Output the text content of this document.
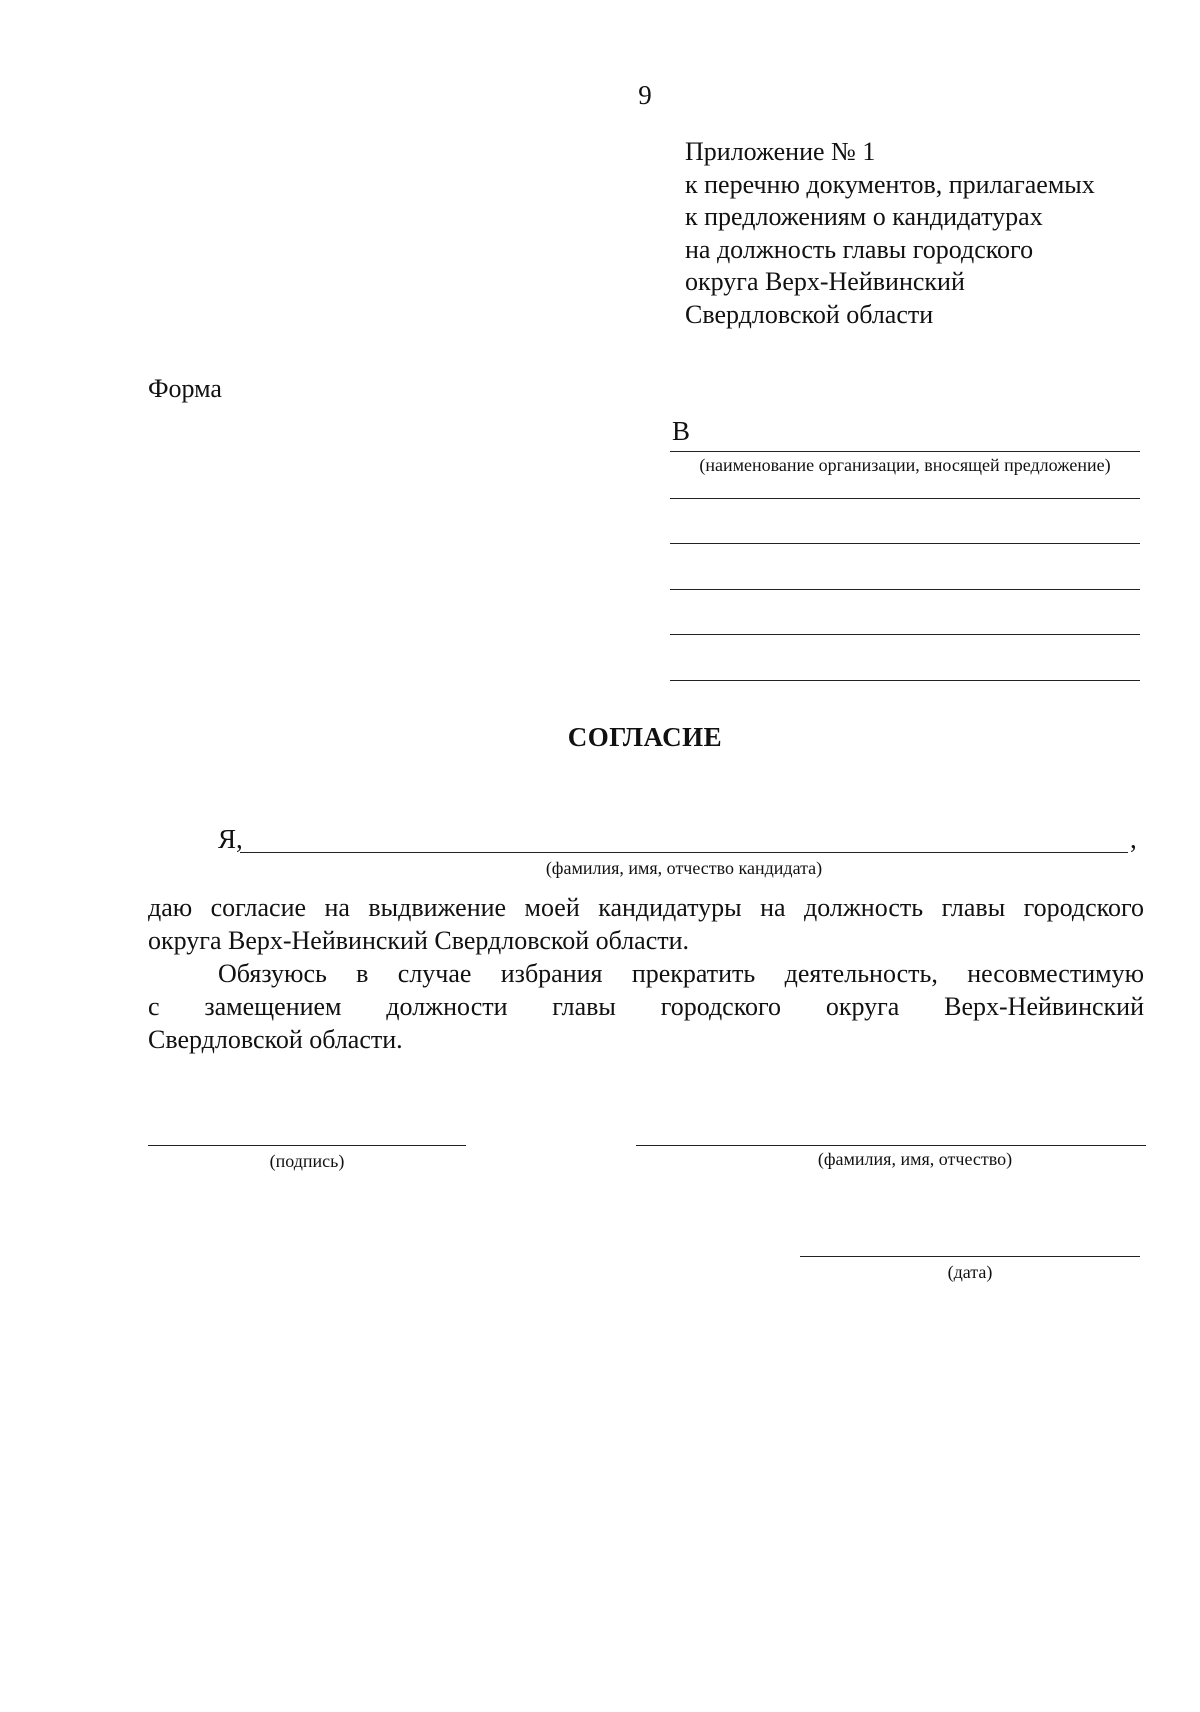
9
Приложение № 1
к перечню документов, прилагаемых
к предложениям о кандидатурах
на должность главы городского
округа Верх-Нейвинский
Свердловской области
Форма
В
(наименование организации, вносящей предложение)
СОГЛАСИЕ
Я,	,
(фамилия, имя, отчество кандидата)
даю согласие на выдвижение моей кандидатуры на должность главы городского
округа Верх-Нейвинский Свердловской области.
Обязуюсь в случае избрания прекратить деятельность, несовместимую
с замещением должности главы городского округа Верх-Нейвинский
Свердловской области.
(подпись)	(фамилия, имя, отчество)
(дата)
